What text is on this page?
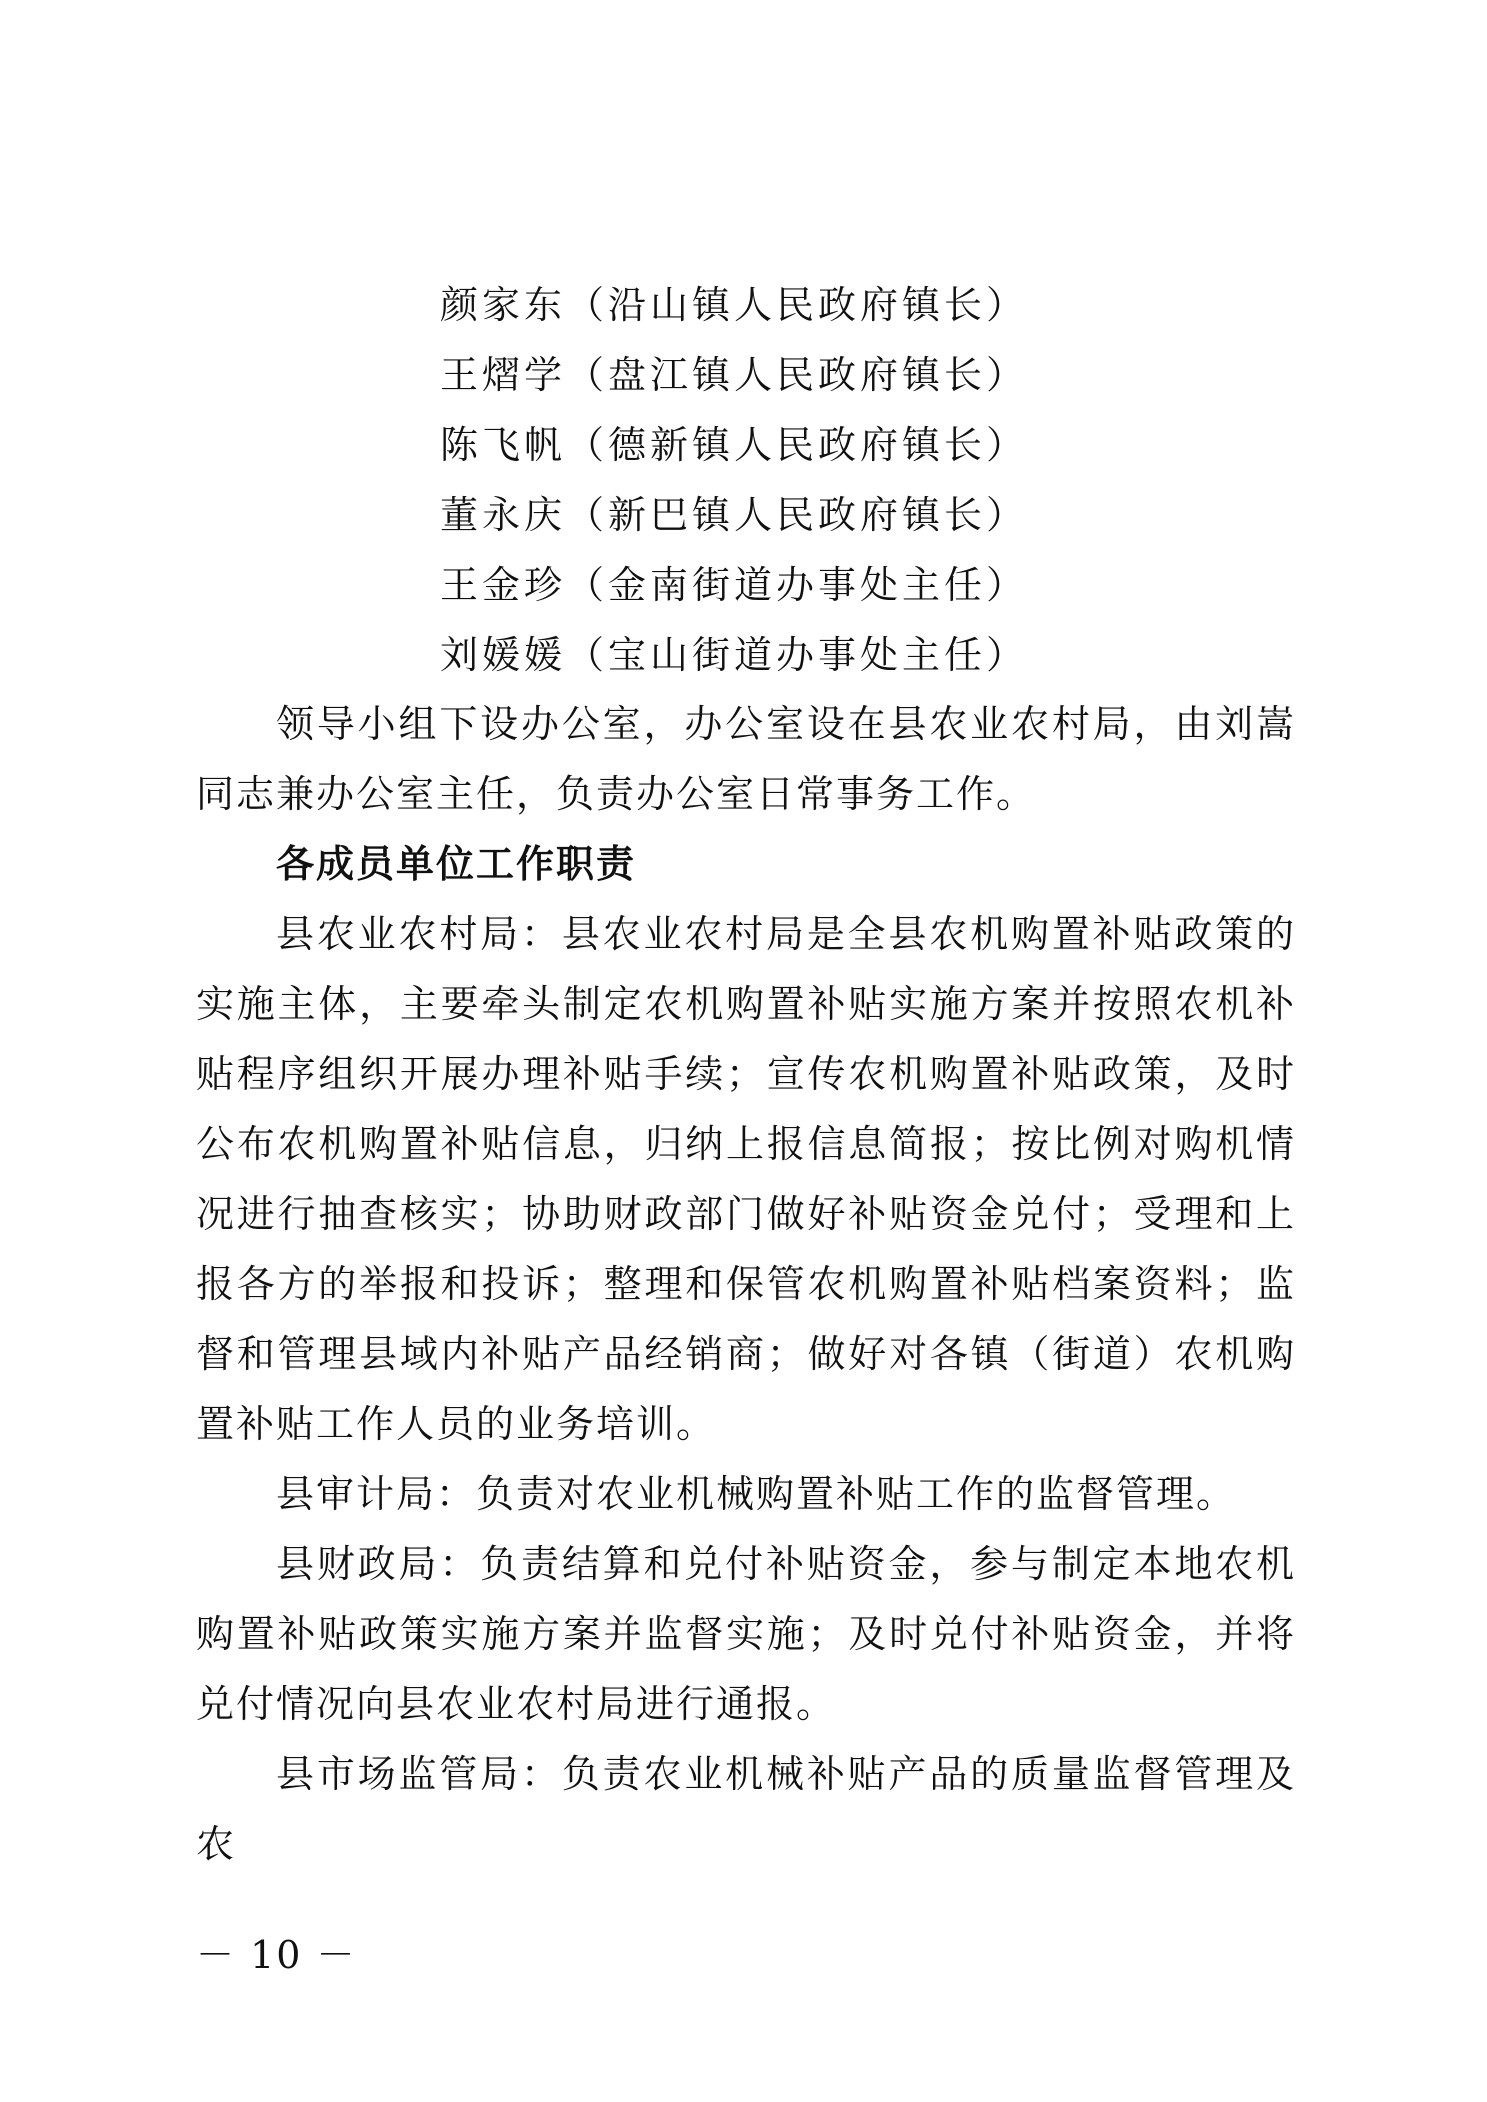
颜家东（沿山镇人民政府镇长）
王熠学（盘江镇人民政府镇长）
陈飞帆（德新镇人民政府镇长）
董永庆（新巴镇人民政府镇长）
王金珍（金南街道办事处主任）
刘媛媛（宝山街道办事处主任）

领导小组下设办公室，办公室设在县农业农村局，由刘嵩同志兼办公室主任，负责办公室日常事务工作。

各成员单位工作职责

县农业农村局：县农业农村局是全县农机购置补贴政策的实施主体，主要牵头制定农机购置补贴实施方案并按照农机补贴程序组织开展办理补贴手续；宣传农机购置补贴政策，及时公布农机购置补贴信息，归纳上报信息简报；按比例对购机情况进行抽查核实；协助财政部门做好补贴资金兑付；受理和上报各方的举报和投诉；整理和保管农机购置补贴档案资料；监督和管理县域内补贴产品经销商；做好对各镇（街道）农机购置补贴工作人员的业务培训。

县审计局：负责对农业机械购置补贴工作的监督管理。

县财政局：负责结算和兑付补贴资金，参与制定本地农机购置补贴政策实施方案并监督实施；及时兑付补贴资金，并将兑付情况向县农业农村局进行通报。

县市场监管局：负责农业机械补贴产品的质量监督管理及农

－ 10 －
